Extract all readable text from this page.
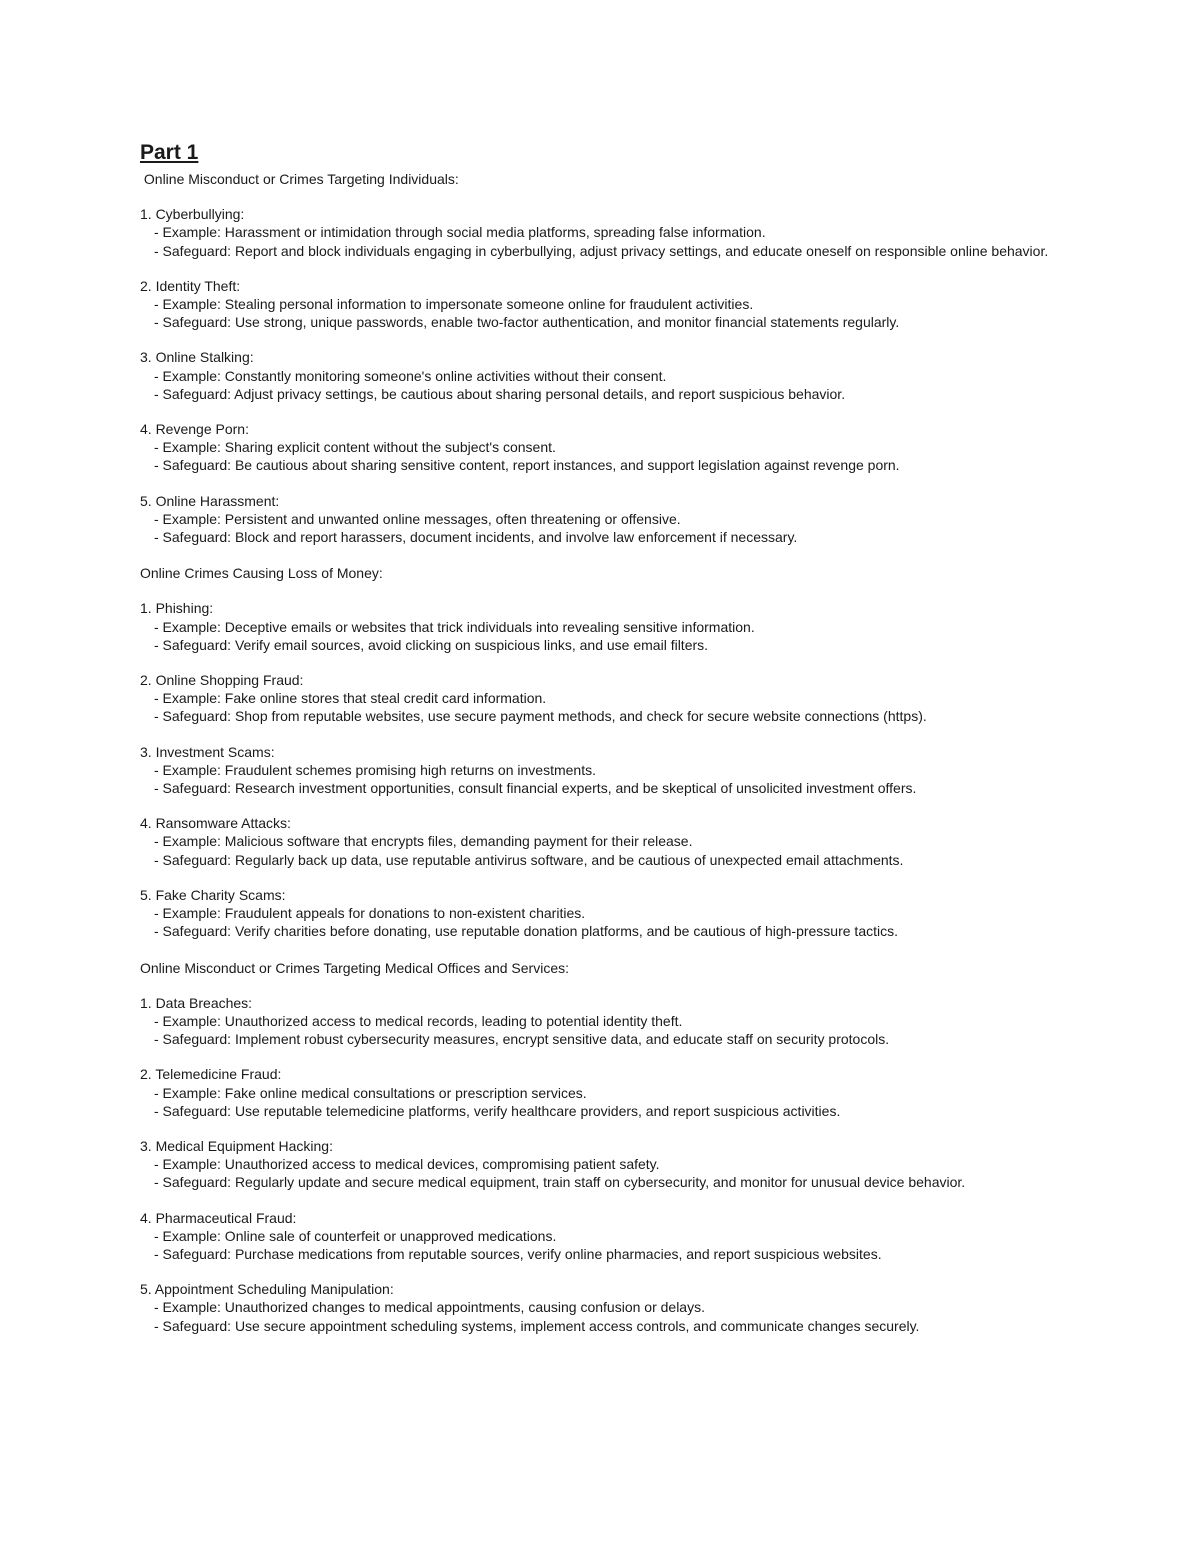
Part 1

Online Misconduct or Crimes Targeting Individuals:

1. Cyberbullying:

- Example: Harassment or intimidation through social media platforms, spreading false information.

- Safeguard: Report and block individuals engaging in cyberbullying, adjust privacy settings, and educate oneself on responsible online behavior.

2. Identity Theft:

- Example: Stealing personal information to impersonate someone online for fraudulent activities.

- Safeguard: Use strong, unique passwords, enable two-factor authentication, and monitor financial statements regularly.

3. Online Stalking:

- Example: Constantly monitoring someone's online activities without their consent.

- Safeguard: Adjust privacy settings, be cautious about sharing personal details, and report suspicious behavior.

4. Revenge Porn:

- Example: Sharing explicit content without the subject's consent.

- Safeguard: Be cautious about sharing sensitive content, report instances, and support legislation against revenge porn.

5. Online Harassment:

- Example: Persistent and unwanted online messages, often threatening or offensive.

- Safeguard: Block and report harassers, document incidents, and involve law enforcement if necessary.

Online Crimes Causing Loss of Money:

1. Phishing:

- Example: Deceptive emails or websites that trick individuals into revealing sensitive information.

- Safeguard: Verify email sources, avoid clicking on suspicious links, and use email filters.

2. Online Shopping Fraud:

- Example: Fake online stores that steal credit card information.

- Safeguard: Shop from reputable websites, use secure payment methods, and check for secure website connections (https).

3. Investment Scams:

- Example: Fraudulent schemes promising high returns on investments.

- Safeguard: Research investment opportunities, consult financial experts, and be skeptical of unsolicited investment offers.

4. Ransomware Attacks:

- Example: Malicious software that encrypts files, demanding payment for their release.

- Safeguard: Regularly back up data, use reputable antivirus software, and be cautious of unexpected email attachments.

5. Fake Charity Scams:

- Example: Fraudulent appeals for donations to non-existent charities.

- Safeguard: Verify charities before donating, use reputable donation platforms, and be cautious of high-pressure tactics.

Online Misconduct or Crimes Targeting Medical Offices and Services:

1. Data Breaches:

- Example: Unauthorized access to medical records, leading to potential identity theft.

- Safeguard: Implement robust cybersecurity measures, encrypt sensitive data, and educate staff on security protocols.

2. Telemedicine Fraud:

- Example: Fake online medical consultations or prescription services.

- Safeguard: Use reputable telemedicine platforms, verify healthcare providers, and report suspicious activities.

3. Medical Equipment Hacking:

- Example: Unauthorized access to medical devices, compromising patient safety.

- Safeguard: Regularly update and secure medical equipment, train staff on cybersecurity, and monitor for unusual device behavior.

4. Pharmaceutical Fraud:

- Example: Online sale of counterfeit or unapproved medications.

- Safeguard: Purchase medications from reputable sources, verify online pharmacies, and report suspicious websites.

5. Appointment Scheduling Manipulation:

- Example: Unauthorized changes to medical appointments, causing confusion or delays.

- Safeguard: Use secure appointment scheduling systems, implement access controls, and communicate changes securely.
